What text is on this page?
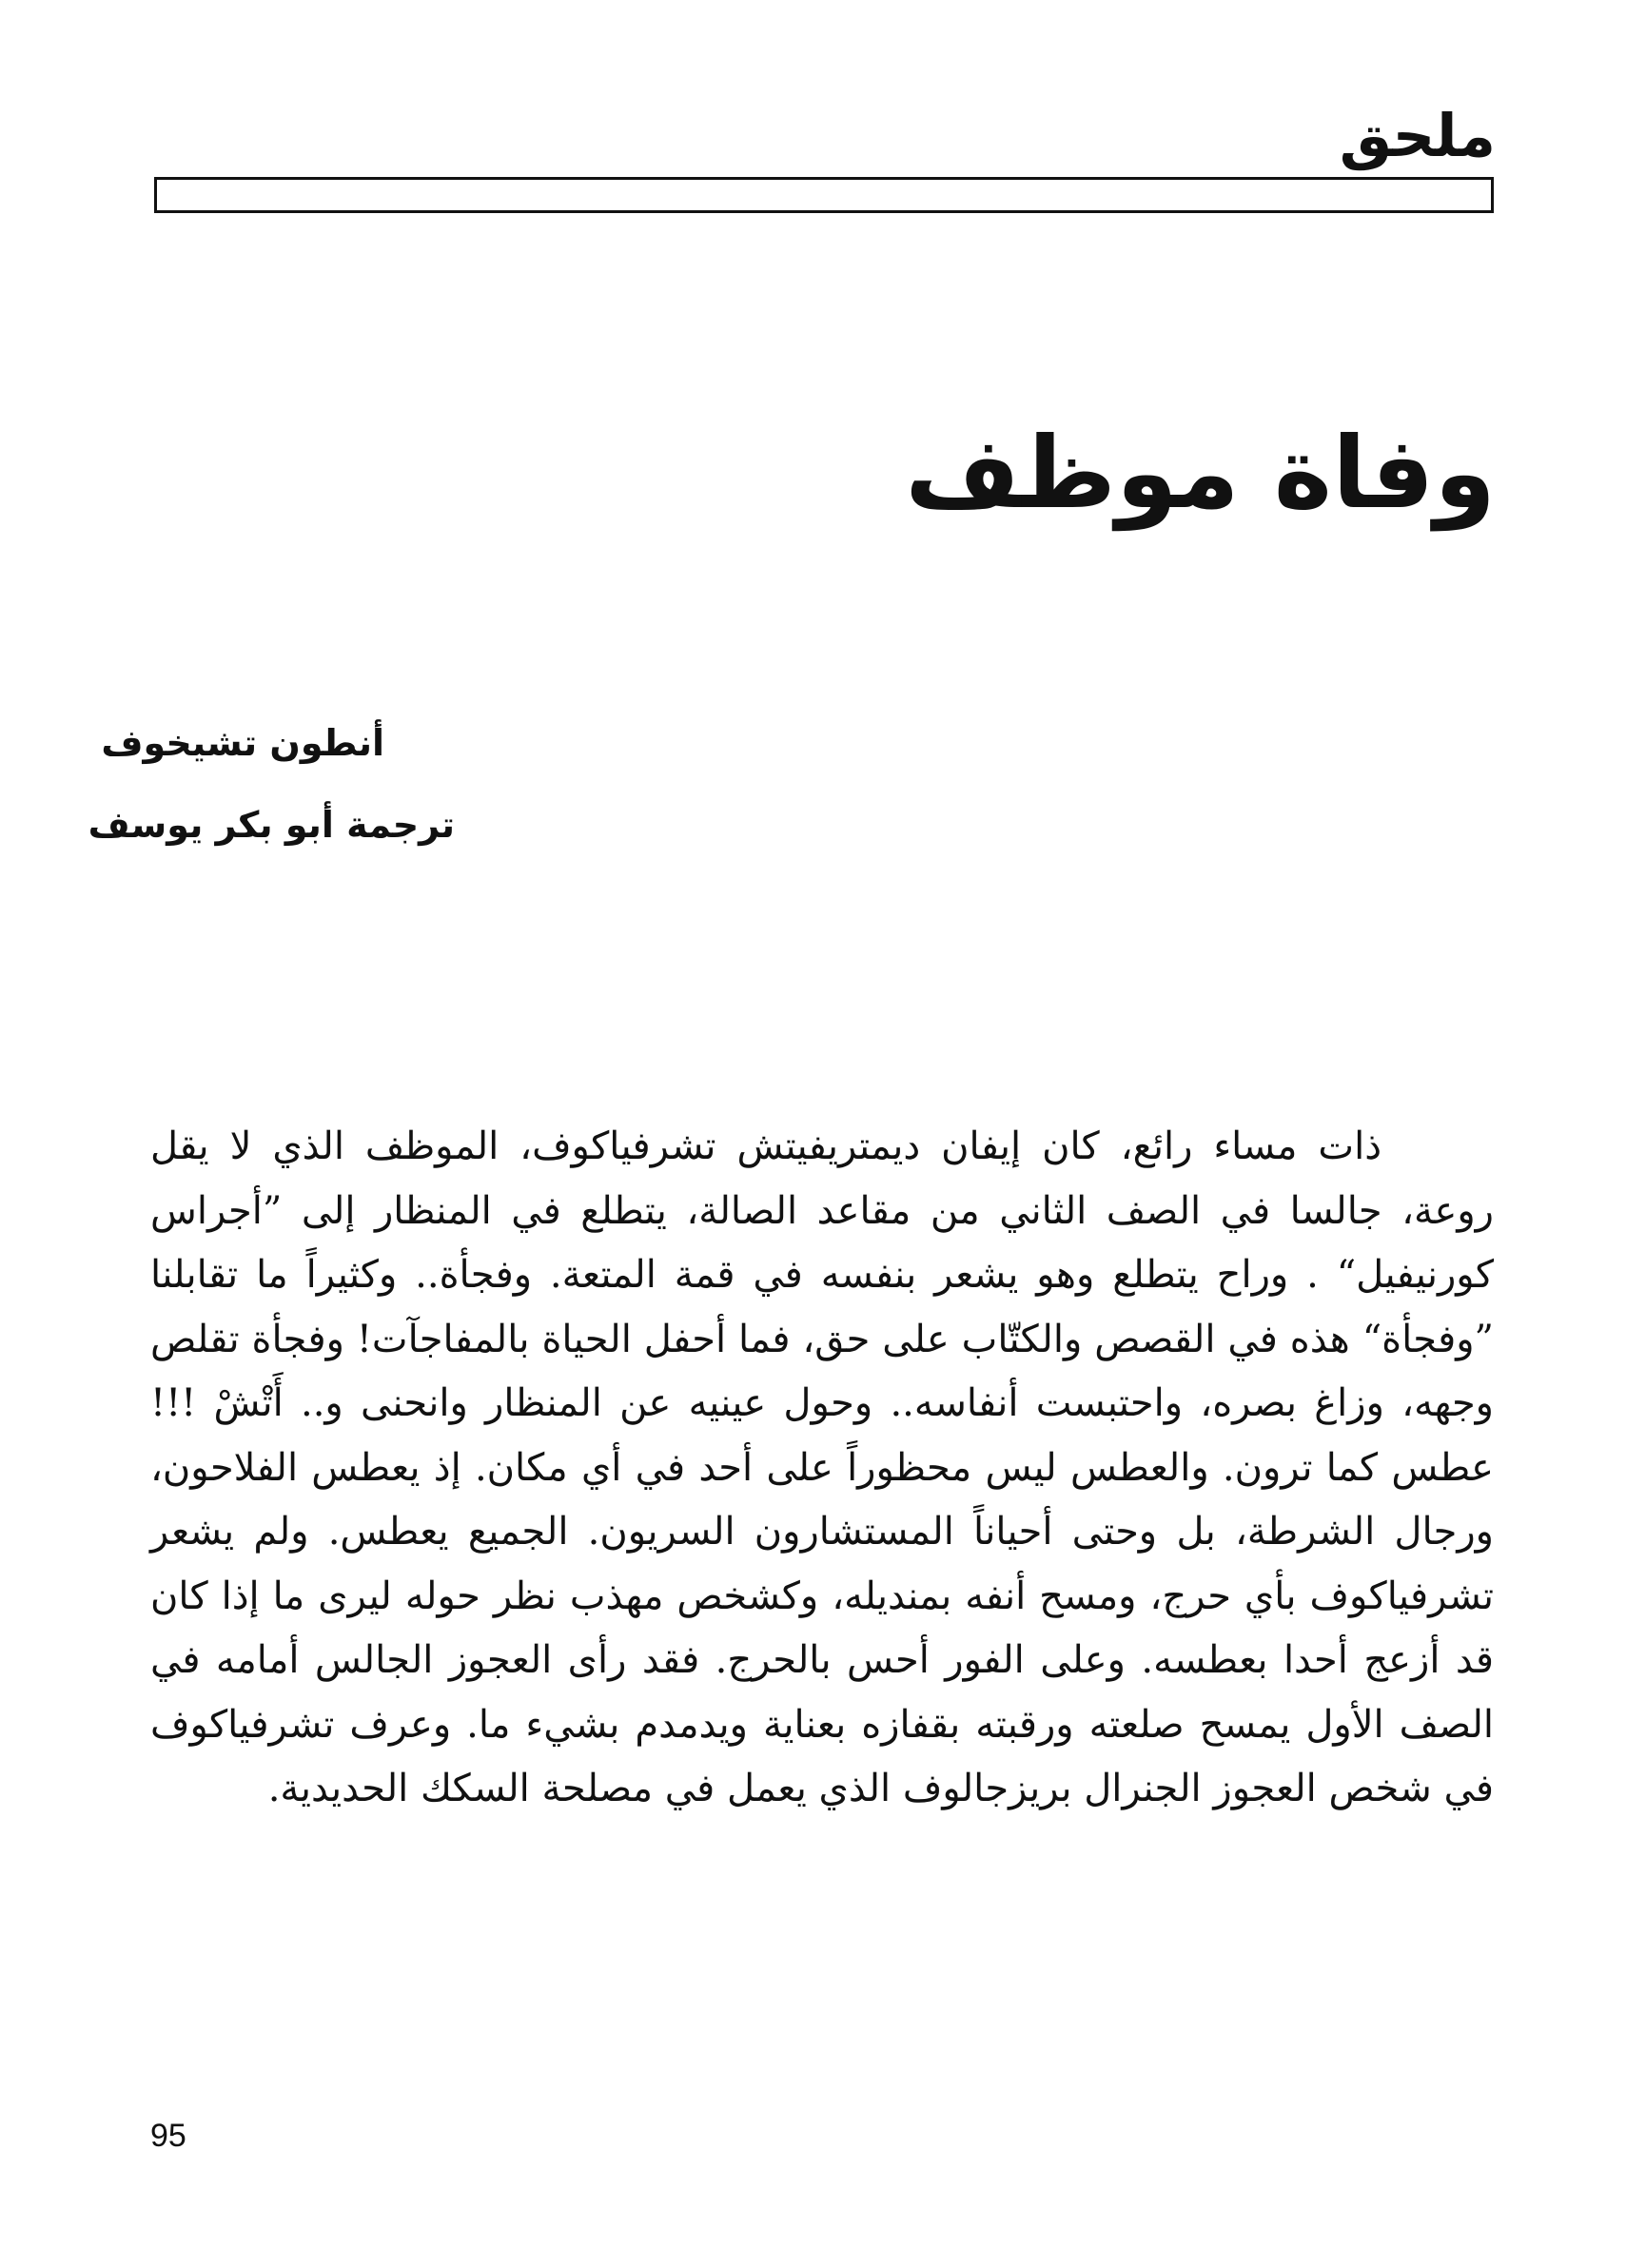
ملحق
وفاة موظف
أنطون تشيخوف
ترجمة أبو بكر يوسف

ذات مساء رائع، كان إيفان ديمتريفيتش تشرفياكوف، الموظف الذي لا يقل روعة، جالسا في الصف الثاني من مقاعد الصالة، يتطلع في المنظار إلى ”أجراس كورنيفيل“ . وراح يتطلع وهو يشعر بنفسه في قمة المتعة. وفجأة.. وكثيراً ما تقابلنا ”وفجأة“ هذه في القصص والكتّاب على حق، فما أحفل الحياة بالمفاجآت! وفجأة تقلص وجهه، وزاغ بصره، واحتبست أنفاسه.. وحول عينيه عن المنظار وانحنى و.. أَتْشْ !!! عطس كما ترون. والعطس ليس محظوراً على أحد في أي مكان. إذ يعطس الفلاحون، ورجال الشرطة، بل وحتى أحياناً المستشارون السريون. الجميع يعطس. ولم يشعر تشرفياكوف بأي حرج، ومسح أنفه بمنديله، وكشخص مهذب نظر حوله ليرى ما إذا كان قد أزعج أحدا بعطسه. وعلى الفور أحس بالحرج. فقد رأى العجوز الجالس أمامه في الصف الأول يمسح صلعته ورقبته بقفازه بعناية ويدمدم بشيء ما. وعرف تشرفياكوف في شخص العجوز الجنرال بريزجالوف الذي يعمل في مصلحة السكك الحديدية.

95
